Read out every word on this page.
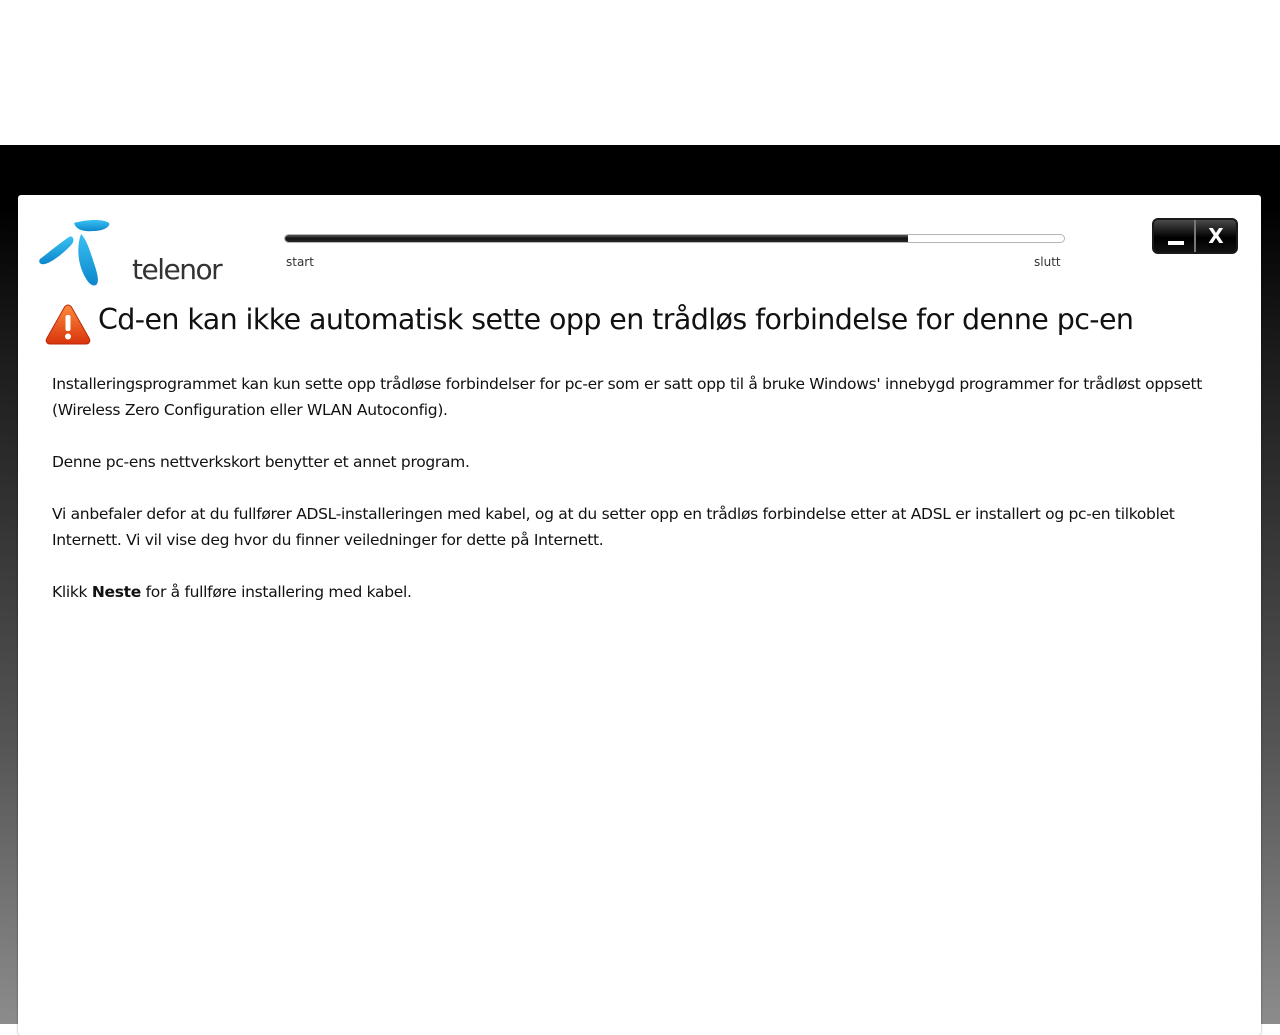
telenor	start	slutt
X
Cd-en kan ikke automatisk sette opp en trådløs forbindelse for denne pc-en

Installeringsprogrammet kan kun sette opp trådløse forbindelser for pc-er som er satt opp til å bruke Windows' innebygd programmer for trådløst oppsett (Wireless Zero Configuration eller WLAN Autoconfig).

Denne pc-ens nettverkskort benytter et annet program.

Vi anbefaler defor at du fullfører ADSL-installeringen med kabel, og at du setter opp en trådløs forbindelse etter at ADSL er installert og pc-en tilkoblet Internett. Vi vil vise deg hvor du finner veiledninger for dette på Internett.

Klikk Neste for å fullføre installering med kabel.
